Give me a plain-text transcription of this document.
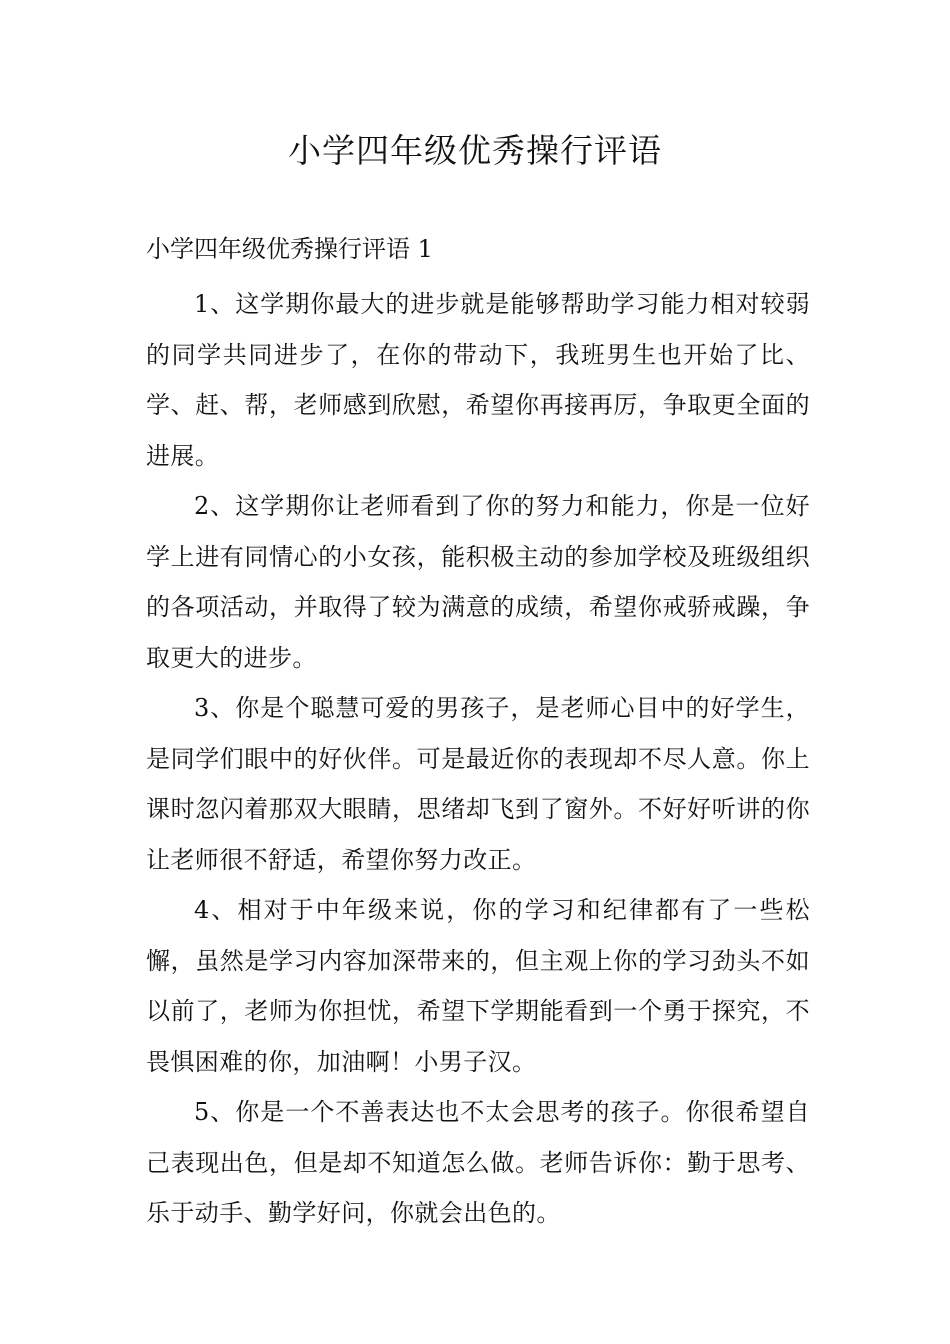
小学四年级优秀操行评语

小学四年级优秀操行评语 1

1、这学期你最大的进步就是能够帮助学习能力相对较弱的同学共同进步了，在你的带动下，我班男生也开始了比、学、赶、帮，老师感到欣慰，希望你再接再厉，争取更全面的进展。

2、这学期你让老师看到了你的努力和能力，你是一位好学上进有同情心的小女孩，能积极主动的参加学校及班级组织的各项活动，并取得了较为满意的成绩，希望你戒骄戒躁，争取更大的进步。

3、你是个聪慧可爱的男孩子，是老师心目中的好学生，是同学们眼中的好伙伴。可是最近你的表现却不尽人意。你上课时忽闪着那双大眼睛，思绪却飞到了窗外。不好好听讲的你让老师很不舒适，希望你努力改正。

4、相对于中年级来说，你的学习和纪律都有了一些松懈，虽然是学习内容加深带来的，但主观上你的学习劲头不如以前了，老师为你担忧，希望下学期能看到一个勇于探究，不畏惧困难的你，加油啊！小男子汉。

5、你是一个不善表达也不太会思考的孩子。你很希望自己表现出色，但是却不知道怎么做。老师告诉你：勤于思考、乐于动手、勤学好问，你就会出色的。
